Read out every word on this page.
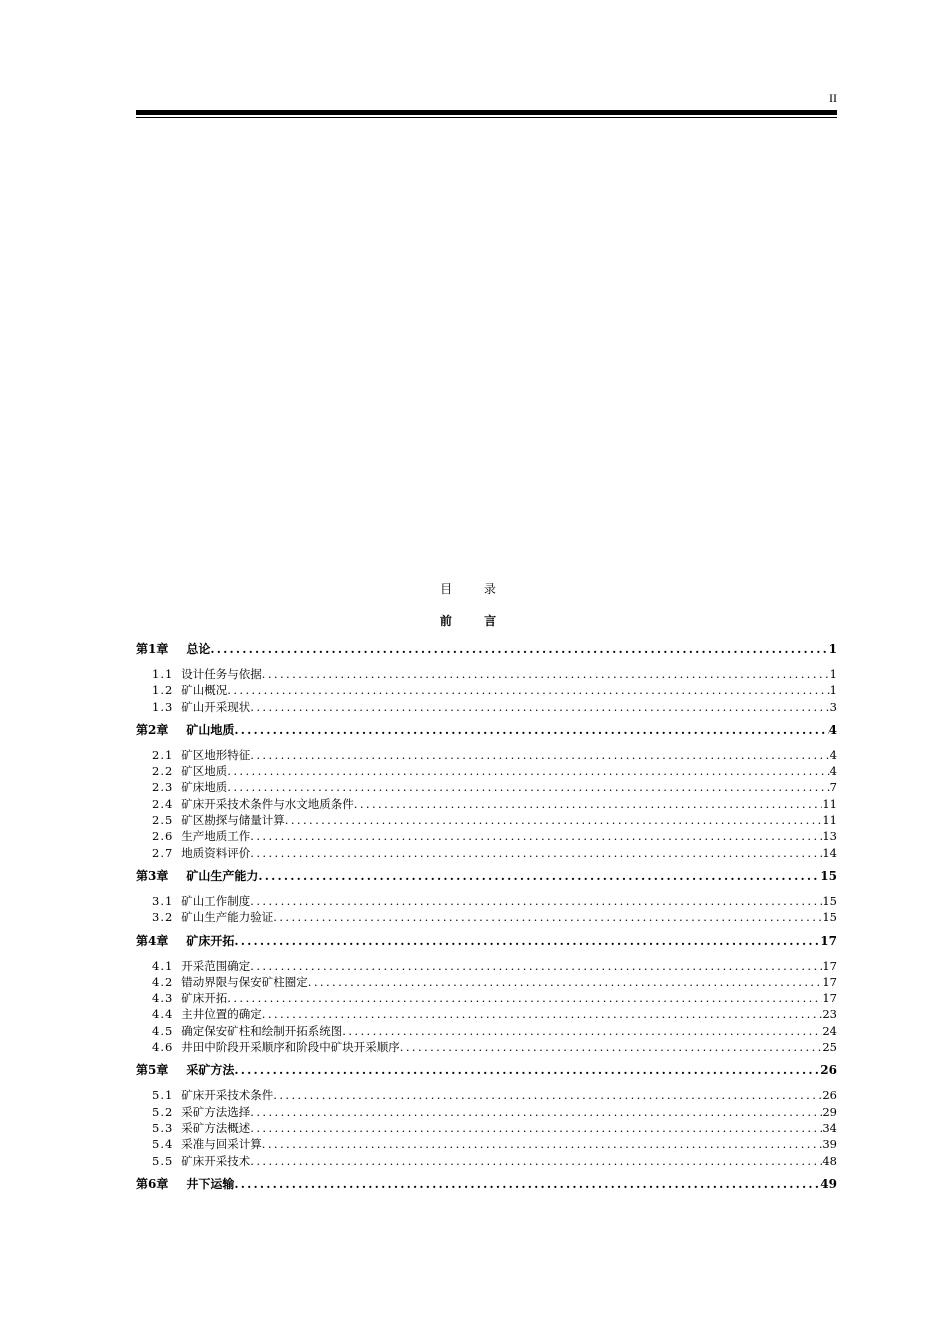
II
目 录
前 言
第1章 总论 .....	1
1.1 设计任务与依据 .....	1
1.2 矿山概况 .....	1
1.3 矿山开采现状 .....	3
第2章 矿山地质 .....	4
2.1 矿区地形特征 .....	4
2.2 矿区地质 .....	4
2.3 矿床地质 .....	7
2.4 矿床开采技术条件与水文地质条件 .....	11
2.5 矿区勘探与储量计算 .....	11
2.6 生产地质工作 .....	13
2.7 地质资料评价 .....	14
第3章 矿山生产能力 .....	15
3.1 矿山工作制度 .....	15
3.2 矿山生产能力验证 .....	15
第4章 矿床开拓 .....	17
4.1 开采范围确定 .....	17
4.2 错动界限与保安矿柱圈定 .....	17
4.3 矿床开拓 .....	17
4.4 主井位置的确定 .....	23
4.5 确定保安矿柱和绘制开拓系统图 .....	24
4.6 井田中阶段开采顺序和阶段中矿块开采顺序 .....	25
第5章 采矿方法 .....	26
5.1 矿床开采技术条件 .....	26
5.2 采矿方法选择 .....	29
5.3 采矿方法概述 .....	34
5.4 采准与回采计算 .....	39
5.5 矿床开采技术 .....	48
第6章 井下运输 .....	49
